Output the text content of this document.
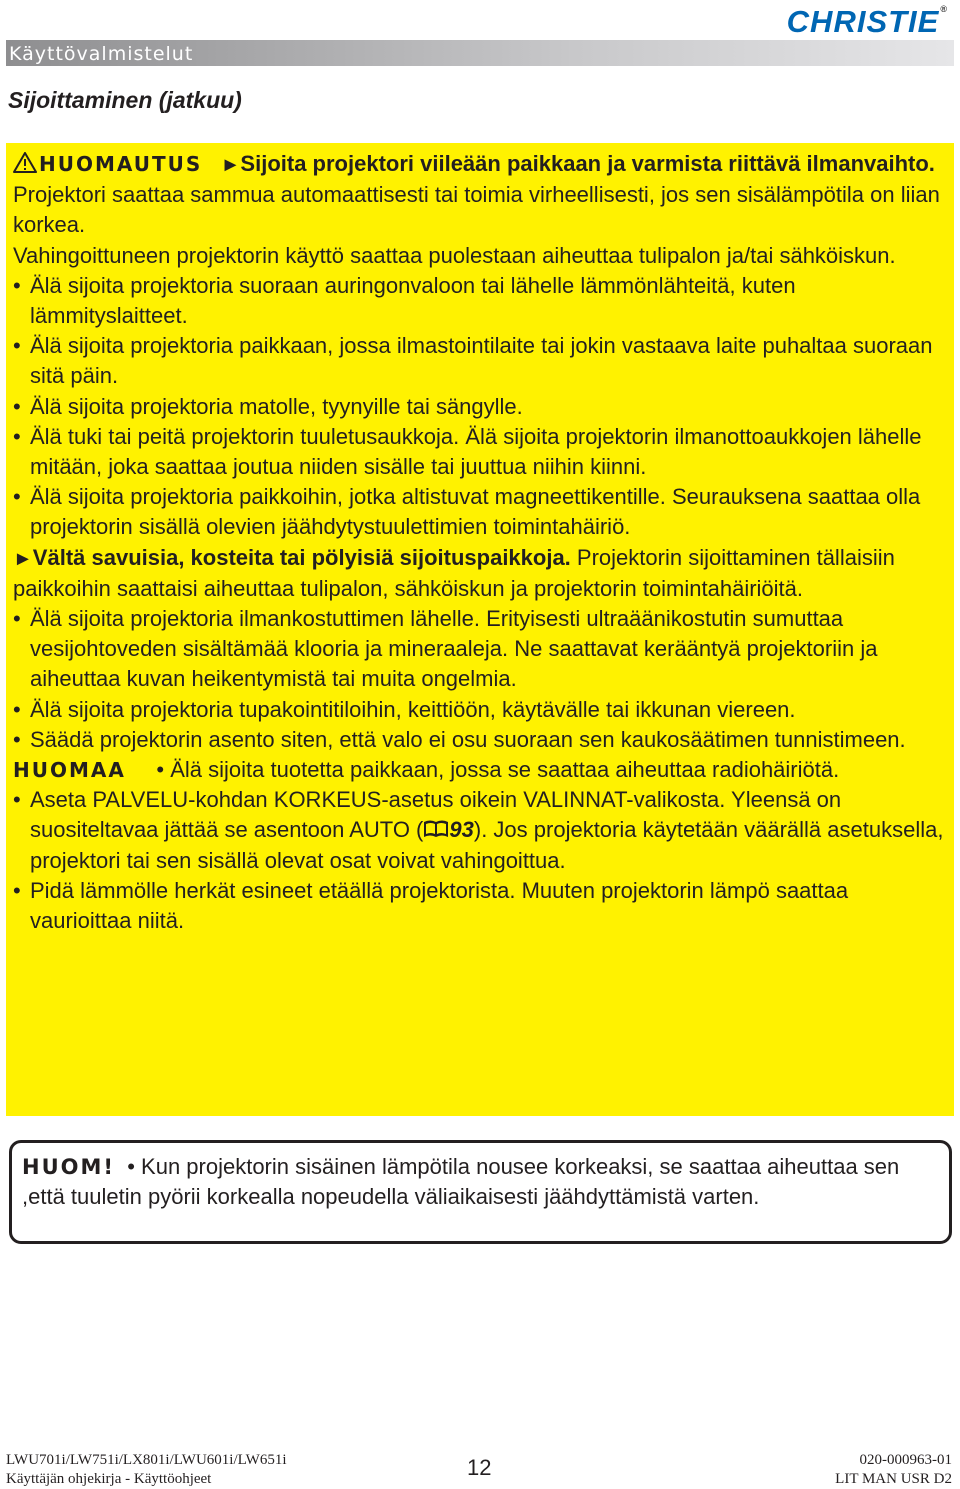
CHRISTIE®
Käyttövalmistelut
Sijoittaminen (jatkuu)

HUOMAUTUS ►Sijoita projektori viileään paikkaan ja varmista riittävä ilmanvaihto. Projektori saattaa sammua automaattisesti tai toimia virheellisesti, jos sen sisälämpötila on liian korkea.

Vahingoittuneen projektorin käyttö saattaa puolestaan aiheuttaa tulipalon ja/tai sähköiskun.

• Älä sijoita projektoria suoraan auringonvaloon tai lähelle lämmönlähteitä, kuten lämmityslaitteet.

• Älä sijoita projektoria paikkaan, jossa ilmastointilaite tai jokin vastaava laite puhaltaa suoraan sitä päin.

• Älä sijoita projektoria matolle, tyynyille tai sängylle.

• Älä tuki tai peitä projektorin tuuletusaukkoja. Älä sijoita projektorin ilmanottoaukkojen lähelle mitään, joka saattaa joutua niiden sisälle tai juuttua niihin kiinni.

• Älä sijoita projektoria paikkoihin, jotka altistuvat magneettikentille. Seurauksena saattaa olla projektorin sisällä olevien jäähdytystuulettimien toimintahäiriö.

►Vältä savuisia, kosteita tai pölyisiä sijoituspaikkoja. Projektorin sijoittaminen tällaisiin paikkoihin saattaisi aiheuttaa tulipalon, sähköiskun ja projektorin toimintahäiriöitä.

• Älä sijoita projektoria ilmankostuttimen lähelle. Erityisesti ultraäänikostutin sumuttaa vesijohtoveden sisältämää klooria ja mineraaleja. Ne saattavat kerääntyä projektoriin ja aiheuttaa kuvan heikentymistä tai muita ongelmia.

• Älä sijoita projektoria tupakointitiloihin, keittiöön, käytävälle tai ikkunan viereen.

• Säädä projektorin asento siten, että valo ei osu suoraan sen kaukosäätimen tunnistimeen.

HUOMAA • Älä sijoita tuotetta paikkaan, jossa se saattaa aiheuttaa radiohäiriötä.

• Aseta PALVELU-kohdan KORKEUS-asetus oikein VALINNAT-valikosta. Yleensä on suositeltavaa jättää se asentoon AUTO ( 93). Jos projektoria käytetään väärällä asetuksella, projektori tai sen sisällä olevat osat voivat vahingoittua.

• Pidä lämmölle herkät esineet etäällä projektorista. Muuten projektorin lämpö saattaa vaurioittaa niitä.

HUOM! • Kun projektorin sisäinen lämpötila nousee korkeaksi, se saattaa aiheuttaa sen ,että tuuletin pyörii korkealla nopeudella väliaikaisesti jäähdyttämistä varten.

LWU701i/LW751i/LX801i/LWU601i/LW651i
Käyttäjän ohjekirja - Käyttöohjeet	12	020-000963-01
LIT MAN USR D2
